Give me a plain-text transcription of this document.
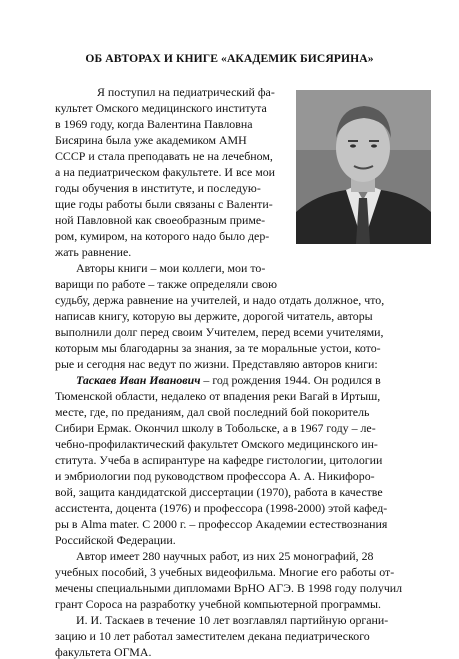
ОБ АВТОРАХ И КНИГЕ «АКАДЕМИК БИСЯРИНА»
Я поступил на педиатрический фа-
культет Омского медицинского института
в 1969 году, когда Валентина Павловна
Бисярина была уже академиком АМН
СССР и стала преподавать не на лечебном,
а на педиатрическом факультете. И все мои
годы обучения в институте, и последую-
щие годы работы были связаны с Валенти-
ной Павловной как своеобразным приме-
ром, кумиром, на которого надо было дер-
жать равнение.
Авторы книги – мои коллеги, мои то-
варищи по работе – также определяли свою
судьбу, держа равнение на учителей, и надо отдать должное, что,
написав книгу, которую вы держите, дорогой читатель, авторы
выполнили долг перед своим Учителем, перед всеми учителями,
которым мы благодарны за знания, за те моральные устои, кото-
рые и сегодня нас ведут по жизни. Представляю авторов книги:
Таскаев Иван Иванович – год рождения 1944. Он родился в
Тюменской области, недалеко от впадения реки Вагай в Иртыш,
месте, где, по преданиям, дал свой последний бой покоритель
Сибири Ермак. Окончил школу в Тобольске, а в 1967 году – ле-
чебно-профилактический факультет Омского медицинского ин-
ститута. Учеба в аспирантуре на кафедре гистологии, цитологии
и эмбриологии под руководством профессора А. А. Никифоро-
вой, защита кандидатской диссертации (1970), работа в качестве
ассистента, доцента (1976) и профессора (1998-2000) этой кафед-
ры в Alma mater. С 2000 г. – профессор Академии естествознания
Российской Федерации.
Автор имеет 280 научных работ, из них 25 монографий, 28
учебных пособий, 3 учебных видеофильма. Многие его работы от-
мечены специальными дипломами ВрНО АГЭ. В 1998 году получил
грант Сороса на разработку учебной компьютерной программы.
И. И. Таскаев в течение 10 лет возглавлял партийную органи-
зацию и 10 лет работал заместителем декана педиатрического
факультета ОГМА.
